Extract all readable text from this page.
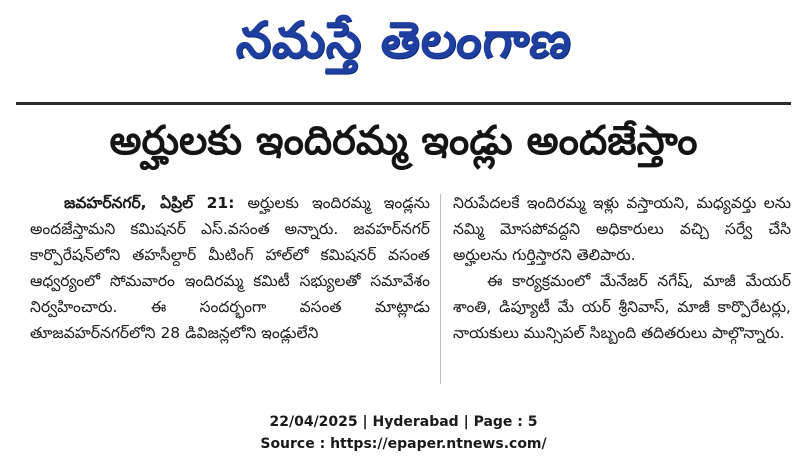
నమస్తే తెలంగాణ
అర్హులకు ఇందిరమ్మ ఇండ్లు అందజేస్తాం

జవహర్‌నగర్, ఏప్రిల్ 21: అర్హులకు ఇందిరమ్మ ఇండ్లను అందజేస్తామని కమిషనర్ ఎస్.వసంత అన్నారు. జవహర్‌నగర్ కార్పొరేషన్‌లోని తహసీల్దార్ మీటింగ్ హాల్‌లో కమిషనర్ వసంత ఆధ్వర్యంలో సోమవారం ఇందిరమ్మ కమిటీ సభ్యులతో సమావేశం నిర్వహించారు. ఈ సందర్భంగా వసంత మాట్లాడు తూజవహర్‌నగర్‌లోని 28 డివిజన్లలోని ఇండ్లులేని

నిరుపేదలకే ఇందిరమ్మ ఇళ్లు వస్తాయని, మధ్యవర్తు లను నమ్మి మోసపోవద్దని అధికారులు వచ్చి సర్వే చేసి అర్హులను గుర్తిస్తారని తెలిపారు.

ఈ కార్యక్రమంలో మేనేజర్ నగేష్, మాజీ మేయర్ శాంతి, డిప్యూటీ మే యర్ శ్రీనివాస్, మాజీ కార్పొరేటర్లు, నాయకులు మున్సిపల్ సిబ్బంది తదితరులు పాల్గొన్నారు.

22/04/2025 | Hyderabad | Page : 5
Source : https://epaper.ntnews.com/
